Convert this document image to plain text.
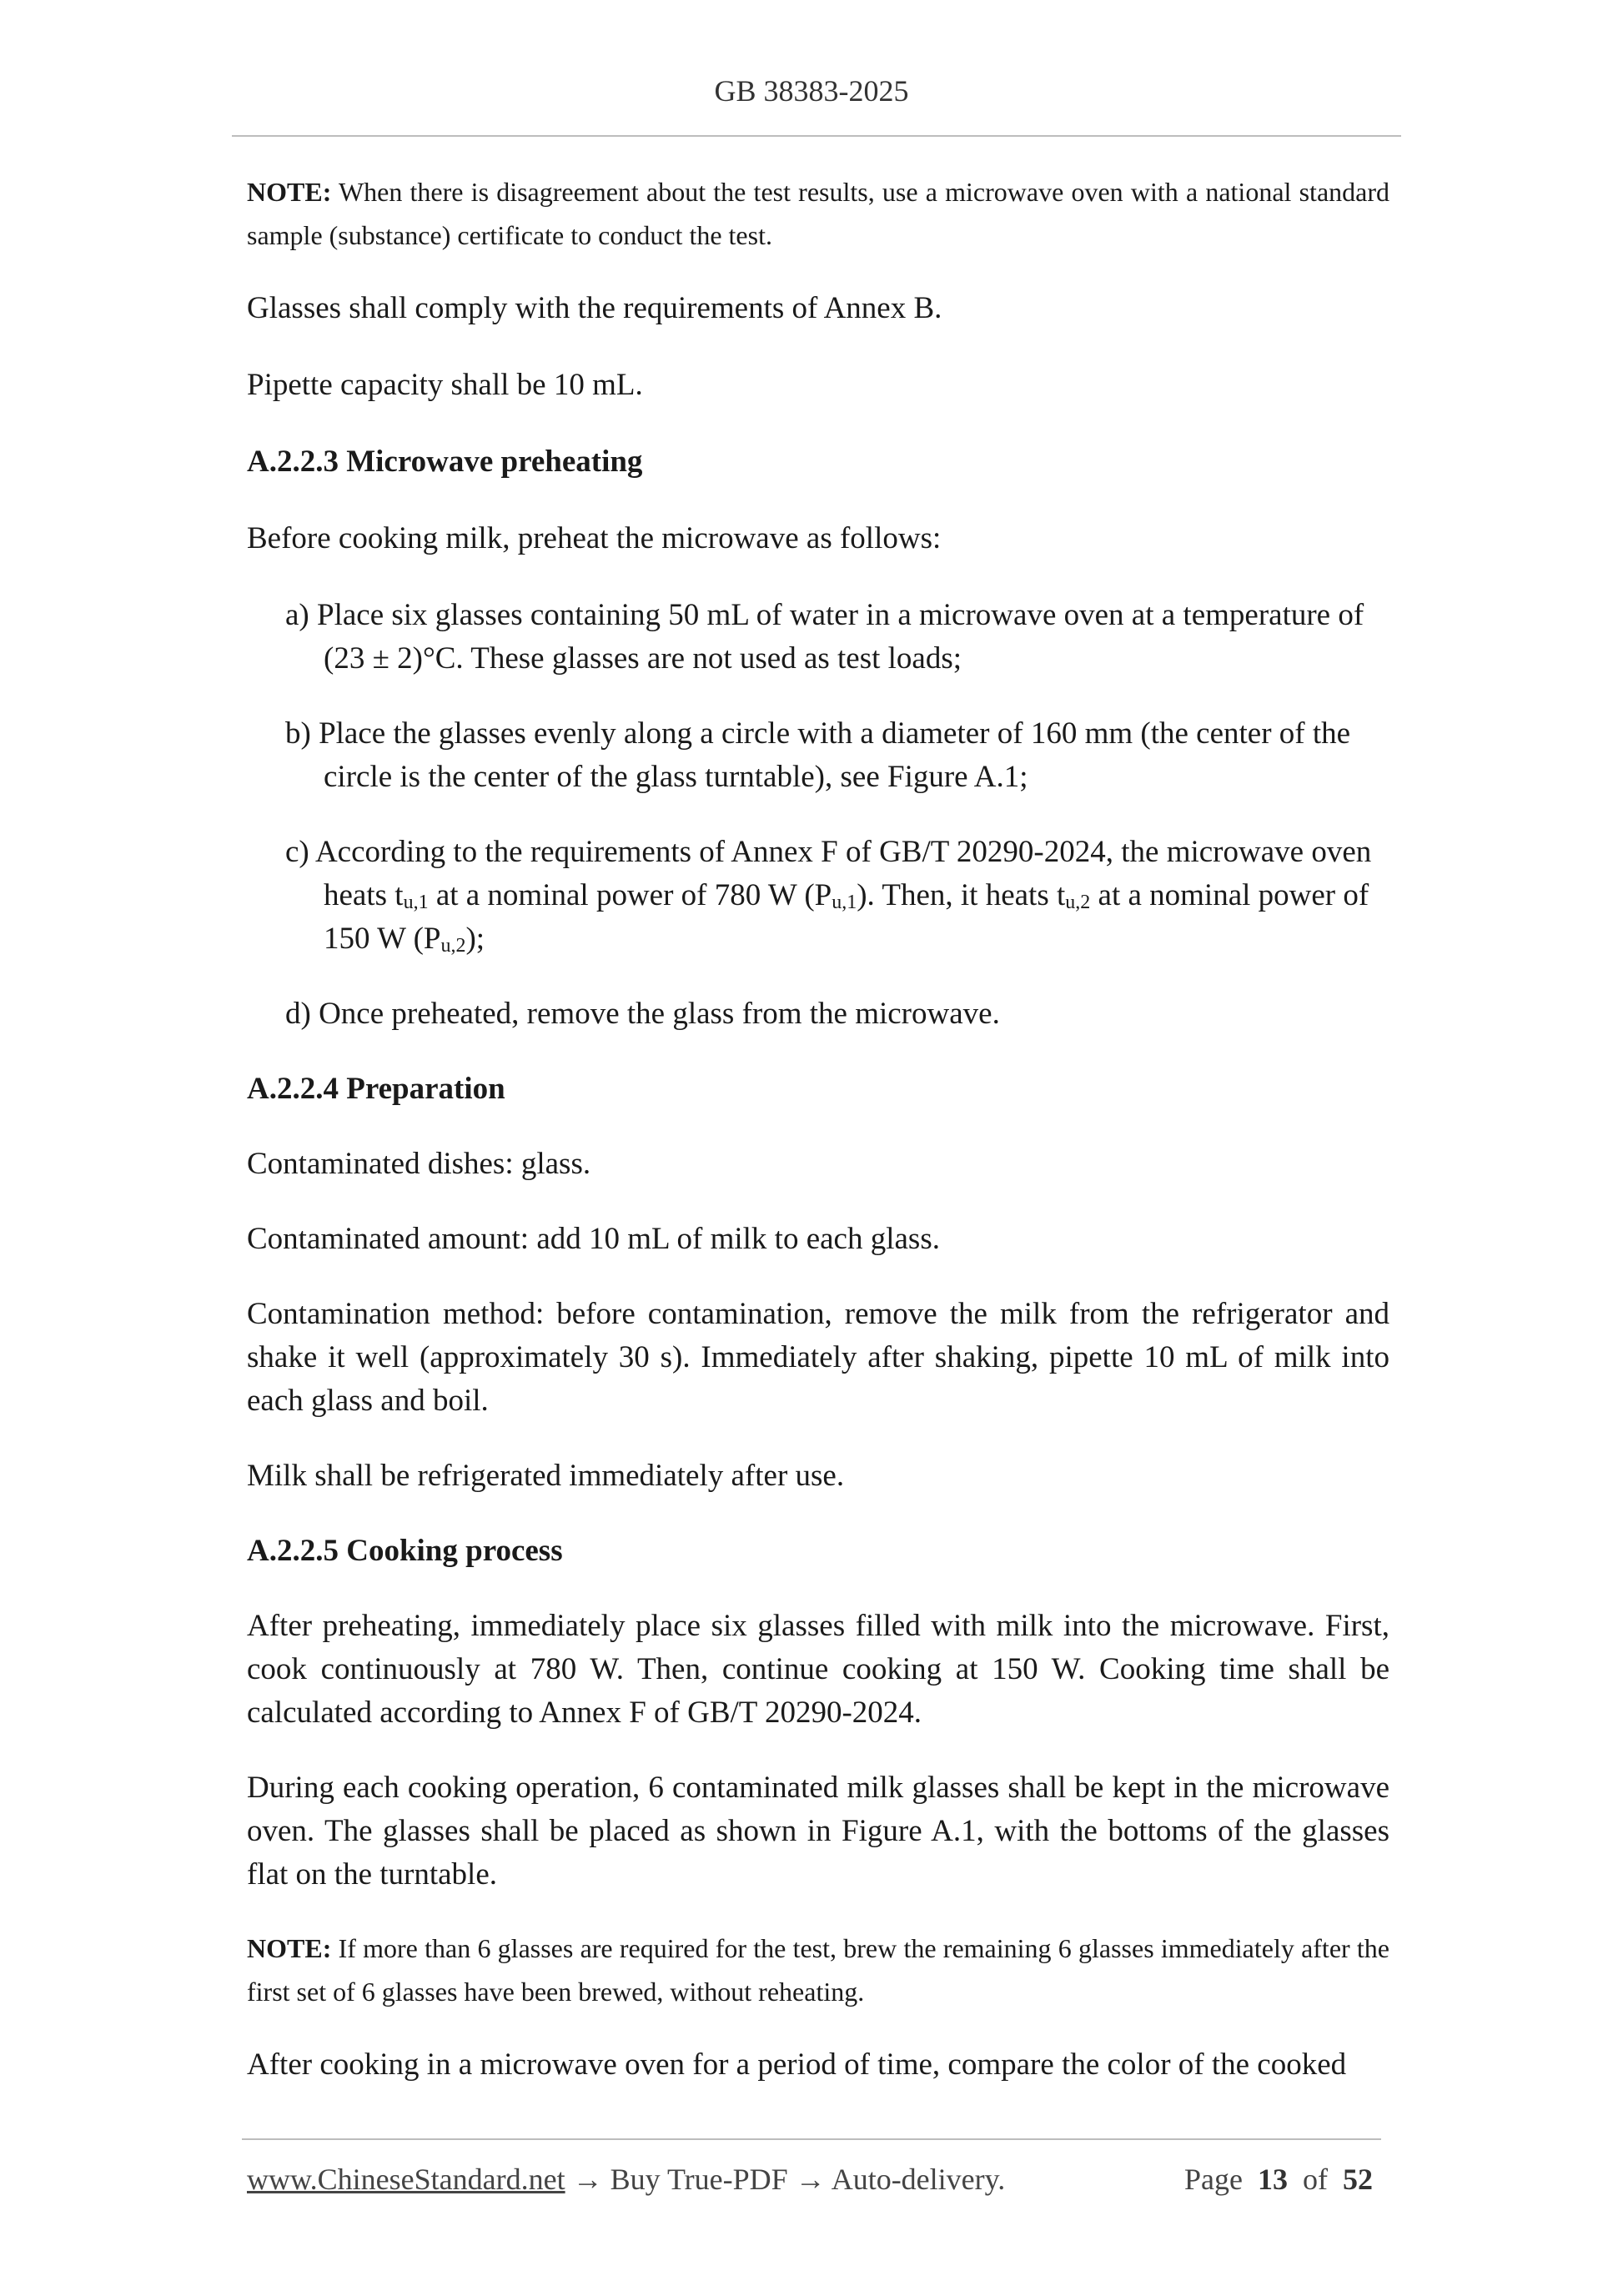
GB 38383-2025

NOTE: When there is disagreement about the test results, use a microwave oven with a national standard sample (substance) certificate to conduct the test.

Glasses shall comply with the requirements of Annex B.

Pipette capacity shall be 10 mL.

A.2.2.3 Microwave preheating

Before cooking milk, preheat the microwave as follows:

a) Place six glasses containing 50 mL of water in a microwave oven at a temperature of (23 ± 2)°C. These glasses are not used as test loads;

b) Place the glasses evenly along a circle with a diameter of 160 mm (the center of the circle is the center of the glass turntable), see Figure A.1;

c) According to the requirements of Annex F of GB/T 20290-2024, the microwave oven heats $t_{u,1}$ at a nominal power of 780 W $(P_{u,1})$. Then, it heats $t_{u,2}$ at a nominal power of 150 W $(P_{u,2})$;

d) Once preheated, remove the glass from the microwave.

A.2.2.4 Preparation

Contaminated dishes: glass.

Contaminated amount: add 10 mL of milk to each glass.

Contamination method: before contamination, remove the milk from the refrigerator and shake it well (approximately 30 s). Immediately after shaking, pipette 10 mL of milk into each glass and boil.

Milk shall be refrigerated immediately after use.

A.2.2.5 Cooking process

After preheating, immediately place six glasses filled with milk into the microwave. First, cook continuously at 780 W. Then, continue cooking at 150 W. Cooking time shall be calculated according to Annex F of GB/T 20290-2024.

During each cooking operation, 6 contaminated milk glasses shall be kept in the microwave oven. The glasses shall be placed as shown in Figure A.1, with the bottoms of the glasses flat on the turntable.

NOTE: If more than 6 glasses are required for the test, brew the remaining 6 glasses immediately after the first set of 6 glasses have been brewed, without reheating.

After cooking in a microwave oven for a period of time, compare the color of the cooked

www.ChineseStandard.net → Buy True-PDF → Auto-delivery.	Page 13 of 52
